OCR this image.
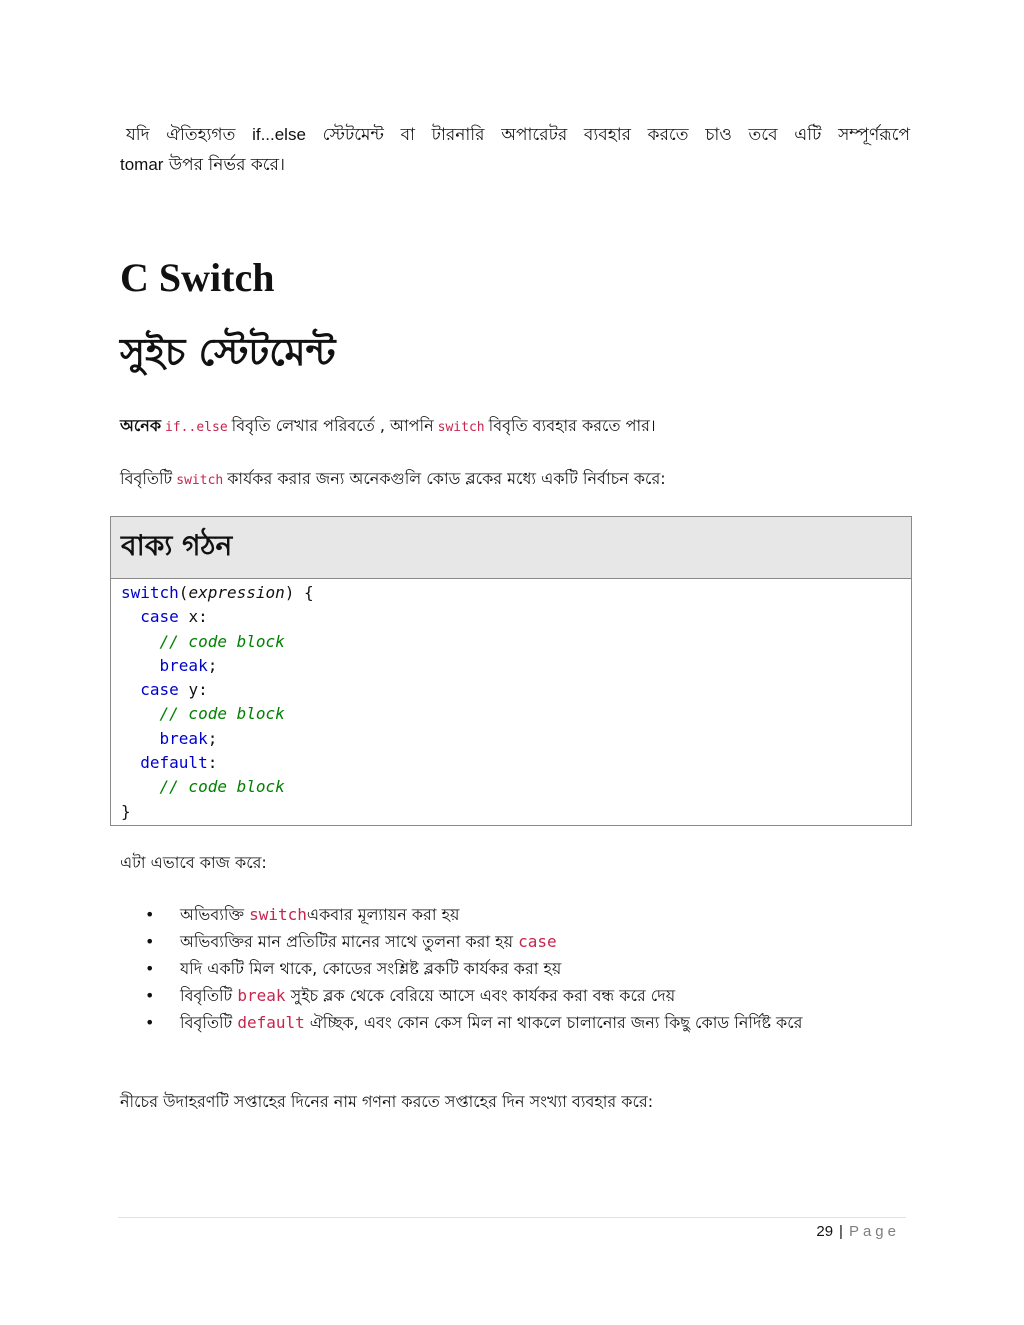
যদি ঐতিহ্যগত if...else স্টেটমেন্ট বা টারনারি অপারেটর ব্যবহার করতে চাও তবে এটি সম্পূর্ণরূপে
tomar উপর নির্ভর করে।
C Switch
সুইচ স্টেটমেন্ট
অনেক if..else বিবৃতি লেখার পরিবর্তে , আপনি switch বিবৃতি ব্যবহার করতে পার।
বিবৃতিটি switch কার্যকর করার জন্য অনেকগুলি কোড ব্লকের মধ্যে একটি নির্বাচন করে:
বাক্য গঠন
switch(expression) {
case x:
// code block
break;
case y:
// code block
break;
default:
// code block
}
এটা এভাবে কাজ করে:
• অভিব্যক্তি switchএকবার মূল্যায়ন করা হয়
• অভিব্যক্তির মান প্রতিটির মানের সাথে তুলনা করা হয় case
• যদি একটি মিল থাকে, কোডের সংশ্লিষ্ট ব্লকটি কার্যকর করা হয়
• বিবৃতিটি break সুইচ ব্লক থেকে বেরিয়ে আসে এবং কার্যকর করা বন্ধ করে দেয়
• বিবৃতিটি default ঐচ্ছিক, এবং কোন কেস মিল না থাকলে চালানোর জন্য কিছু কোড নির্দিষ্ট করে
নীচের উদাহরণটি সপ্তাহের দিনের নাম গণনা করতে সপ্তাহের দিন সংখ্যা ব্যবহার করে:
29 | Page
